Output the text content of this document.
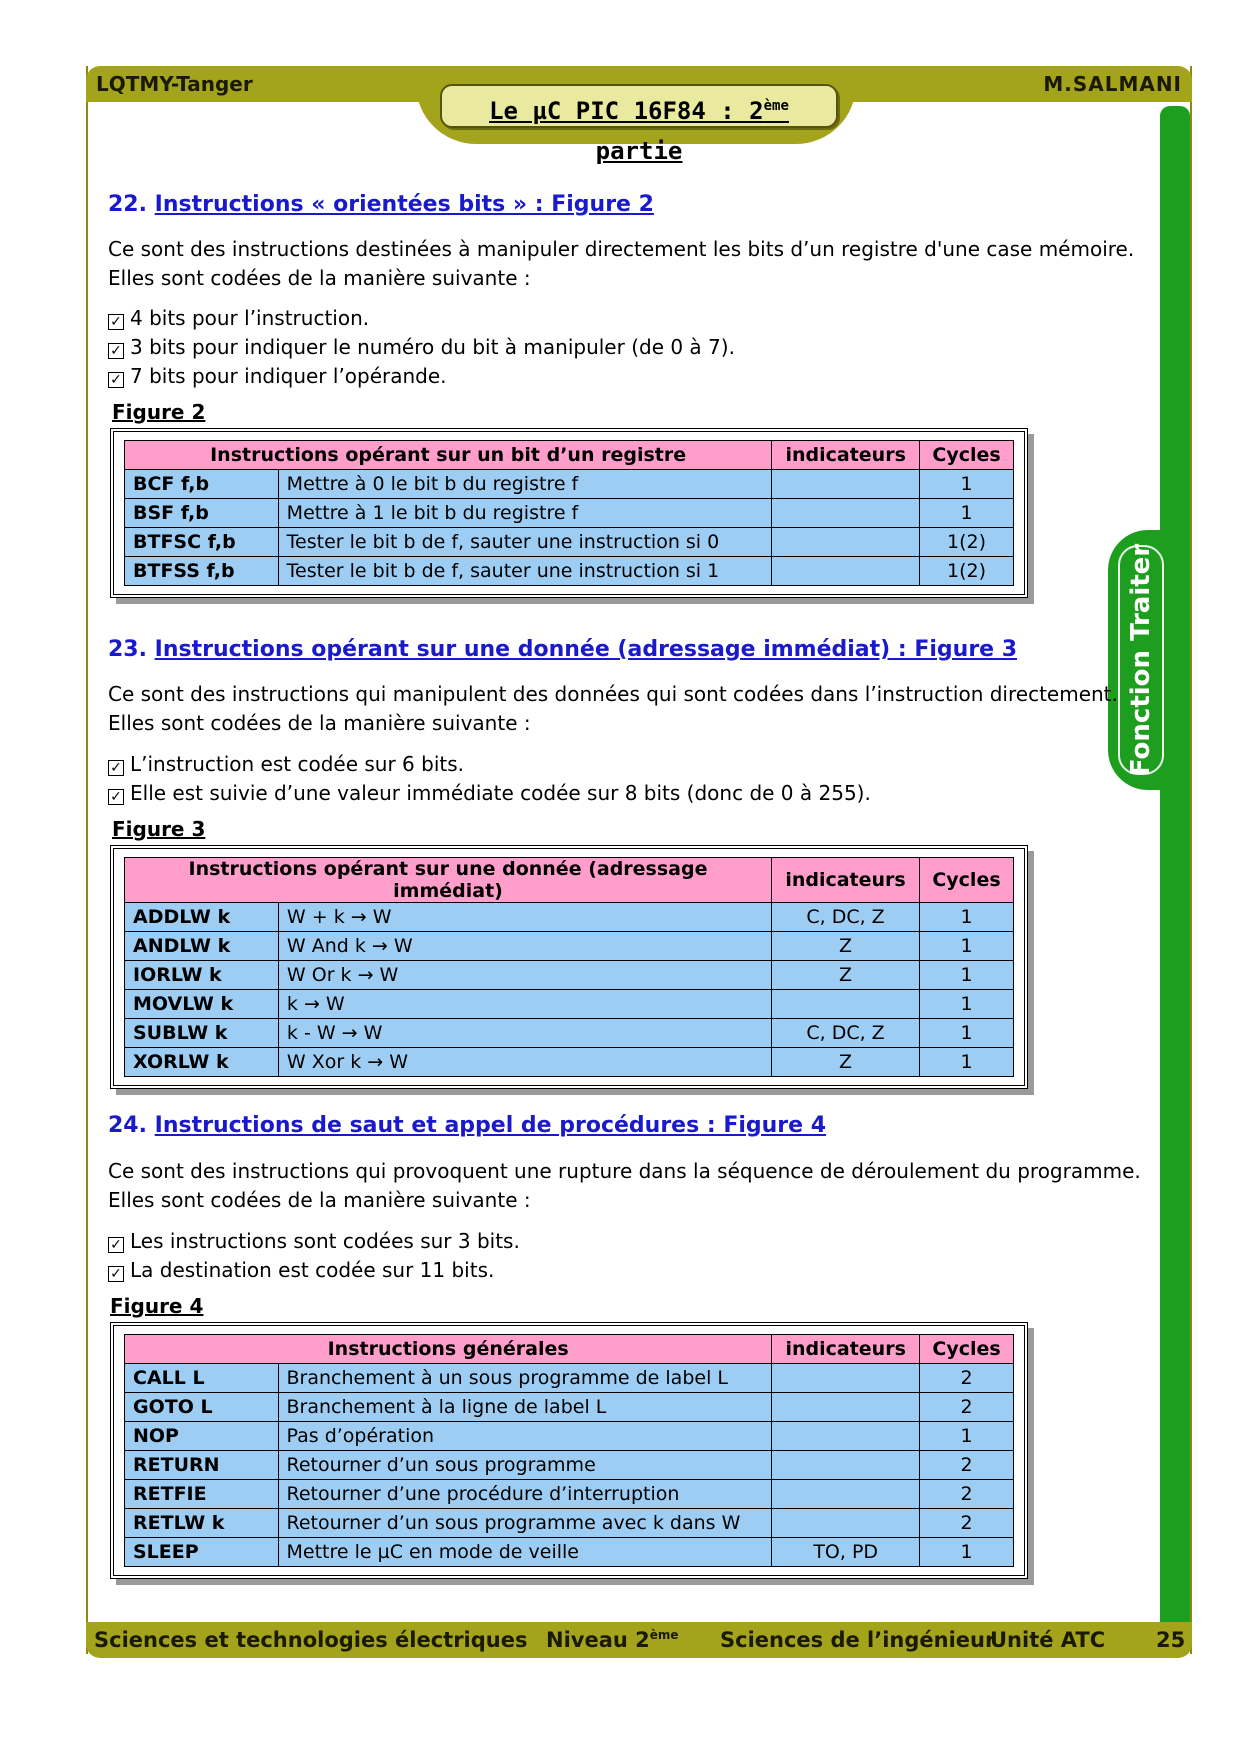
LQTMY-Tanger	M.SALMANI
Le µC PIC 16F84 : 2ème partie
Fonction Traiter
22. Instructions « orientées bits » : Figure 2
Ce sont des instructions destinées à manipuler directement les bits d’un registre d'une case mémoire.
Elles sont codées de la manière suivante :
✓ 4 bits pour l’instruction.
✓ 3 bits pour indiquer le numéro du bit à manipuler (de 0 à 7).
✓ 7 bits pour indiquer l’opérande.
Figure 2
Instructions opérant sur un bit d’un registre		indicateurs	Cycles
BCF f,b	Mettre à 0 le bit b du registre f		1
BSF f,b	Mettre à 1 le bit b du registre f		1
BTFSC f,b	Tester le bit b de f, sauter une instruction si 0		1(2)
BTFSS f,b	Tester le bit b de f, sauter une instruction si 1		1(2)
23. Instructions opérant sur une donnée (adressage immédiat) : Figure 3
Ce sont des instructions qui manipulent des données qui sont codées dans l’instruction directement.
Elles sont codées de la manière suivante :
✓ L’instruction est codée sur 6 bits.
✓ Elle est suivie d’une valeur immédiate codée sur 8 bits (donc de 0 à 255).
Figure 3
Instructions opérant sur une donnée (adressage immédiat)		indicateurs	Cycles
ADDLW k	W + k → W	C, DC, Z	1
ANDLW k	W And k → W	Z	1
IORLW k	W Or k → W	Z	1
MOVLW k	k → W		1
SUBLW k	k - W → W	C, DC, Z	1
XORLW k	W Xor k → W	Z	1
24. Instructions de saut et appel de procédures : Figure 4
Ce sont des instructions qui provoquent une rupture dans la séquence de déroulement du programme.
Elles sont codées de la manière suivante :
✓ Les instructions sont codées sur 3 bits.
✓ La destination est codée sur 11 bits.
Figure 4
Instructions générales		indicateurs	Cycles
CALL L	Branchement à un sous programme de label L		2
GOTO L	Branchement à la ligne de label L		2
NOP	Pas d’opération		1
RETURN	Retourner d’un sous programme		2
RETFIE	Retourner d’une procédure d’interruption		2
RETLW k	Retourner d’un sous programme avec k dans W		2
SLEEP	Mettre le µC en mode de veille	TO, PD	1
Sciences et technologies électriques Niveau 2ème Sciences de l’ingénieur
Unité ATC 25
